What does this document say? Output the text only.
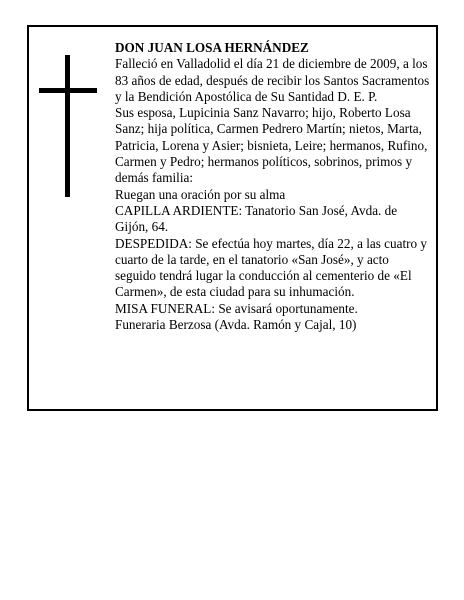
DON JUAN LOSA HERNÁNDEZ

Falleció en Valladolid el día 21 de diciembre de 2009, a los 83 años de edad, después de recibir los Santos Sacramentos y la Bendición Apostólica de Su Santidad D. E. P.

Sus esposa, Lupicinia Sanz Navarro; hijo, Roberto Losa Sanz; hija política, Carmen Pedrero Martín; nietos, Marta, Patricia, Lorena y Asier; bisnieta, Leire; hermanos, Rufino, Carmen y Pedro; hermanos políticos, sobrinos, primos y demás familia:

Ruegan una oración por su alma

CAPILLA ARDIENTE: Tanatorio San José, Avda. de Gijón, 64.

DESPEDIDA: Se efectúa hoy martes, día 22, a las cuatro y cuarto de la tarde, en el tanatorio «San José», y acto seguido tendrá lugar la conducción al cementerio de «El Carmen», de esta ciudad para su inhumación.

MISA FUNERAL: Se avisará oportunamente.

Funeraria Berzosa (Avda. Ramón y Cajal, 10)
